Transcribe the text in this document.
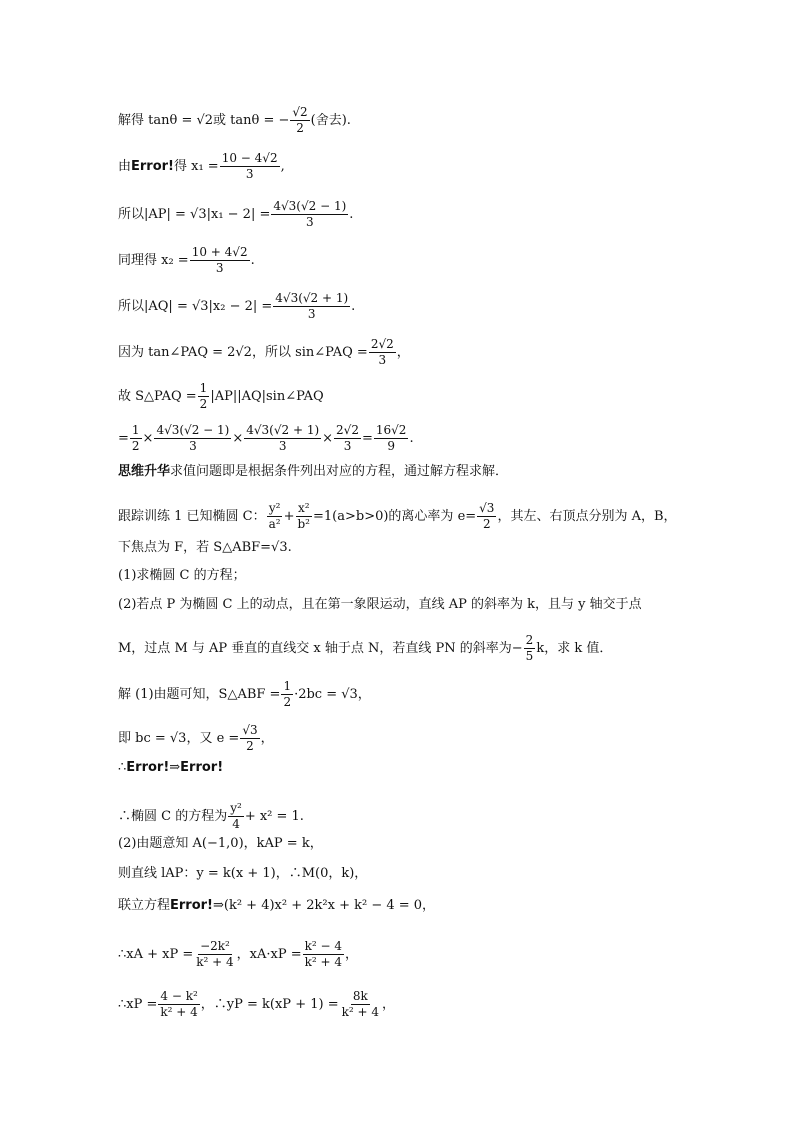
解得 tanθ = √2或 tanθ = − $\frac{√2}{2}$ (舍去).
由 Error! 得 $x_1 = \frac{10 - 4√2}{3}$ ,
所以$|AP| = √3|x_1 - 2| = \frac{4√3(√2 - 1)}{3}$ .
同理得 $x_2 = \frac{10 + 4√2}{3}$ .
所以$|AQ| = √3|x_2 - 2| = \frac{4√3(√2 + 1)}{3}$ .
因为 tan∠PAQ = 2√2，所以 sin∠PAQ = $\frac{2√2}{3}$ ，
故 S△PAQ = $\frac{1}{2}$ |AP||AQ|sin∠PAQ
= $\frac{1}{2} \times \frac{4√3(√2 - 1)}{3} \times \frac{4√3(√2 + 1)}{3} \times \frac{2√2}{3} = \frac{16√2}{9}$ .
思维升华 求值问题即是根据条件列出对应的方程，通过解方程求解．
跟踪训练 1 已知椭圆 C： $\frac{\text{y²}}{\text{a²}} + \frac{\text{x²}}{\text{b²}} =1(a>b>0)$的离心率为 $e= \frac{√3}{2}$ ，其左、右顶点分别为 A，B，
下焦点为 F，若 S△ABF=√3.
(1)求椭圆 C 的方程；
(2)若点 P 为椭圆 C 上的动点，且在第一象限运动，直线 AP 的斜率为 k，且与 y 轴交于点
M，过点 M 与 AP 垂直的直线交 x 轴于点 N，若直线 PN 的斜率为− $\frac{2}{5}$ k，求 k 值．
解 (1)由题可知，S△ABF = $\frac{1}{2} \cdot 2bc = √3$，
即 bc = √3，又 $e = \frac{√3}{2}$ ，
∴ Error! ⇒ Error!
∴椭圆 C 的方程为 $\frac{\text{y²}}{4} + x^2 = 1$.
(2)由题意知 A(−1,0)，kAP = k，
则直线 lAP：y = k(x + 1)，∴M(0，k)，
联立方程 Error! ⇒(k² + 4)x² + 2k²x + k² − 4 = 0，
∴xA + xP = $\frac{\text{−2k²}}{\text{k² + 4}}$ ，$xA\cdot xP = \frac{\text{k² − 4}}{\text{k² + 4}}$ ，
∴xP = $\frac{\text{4 − k²}}{\text{k² + 4}}$ ，∴yP = $k(xP + 1) = \frac{8k}{\text{k² + 4}}$ ，
